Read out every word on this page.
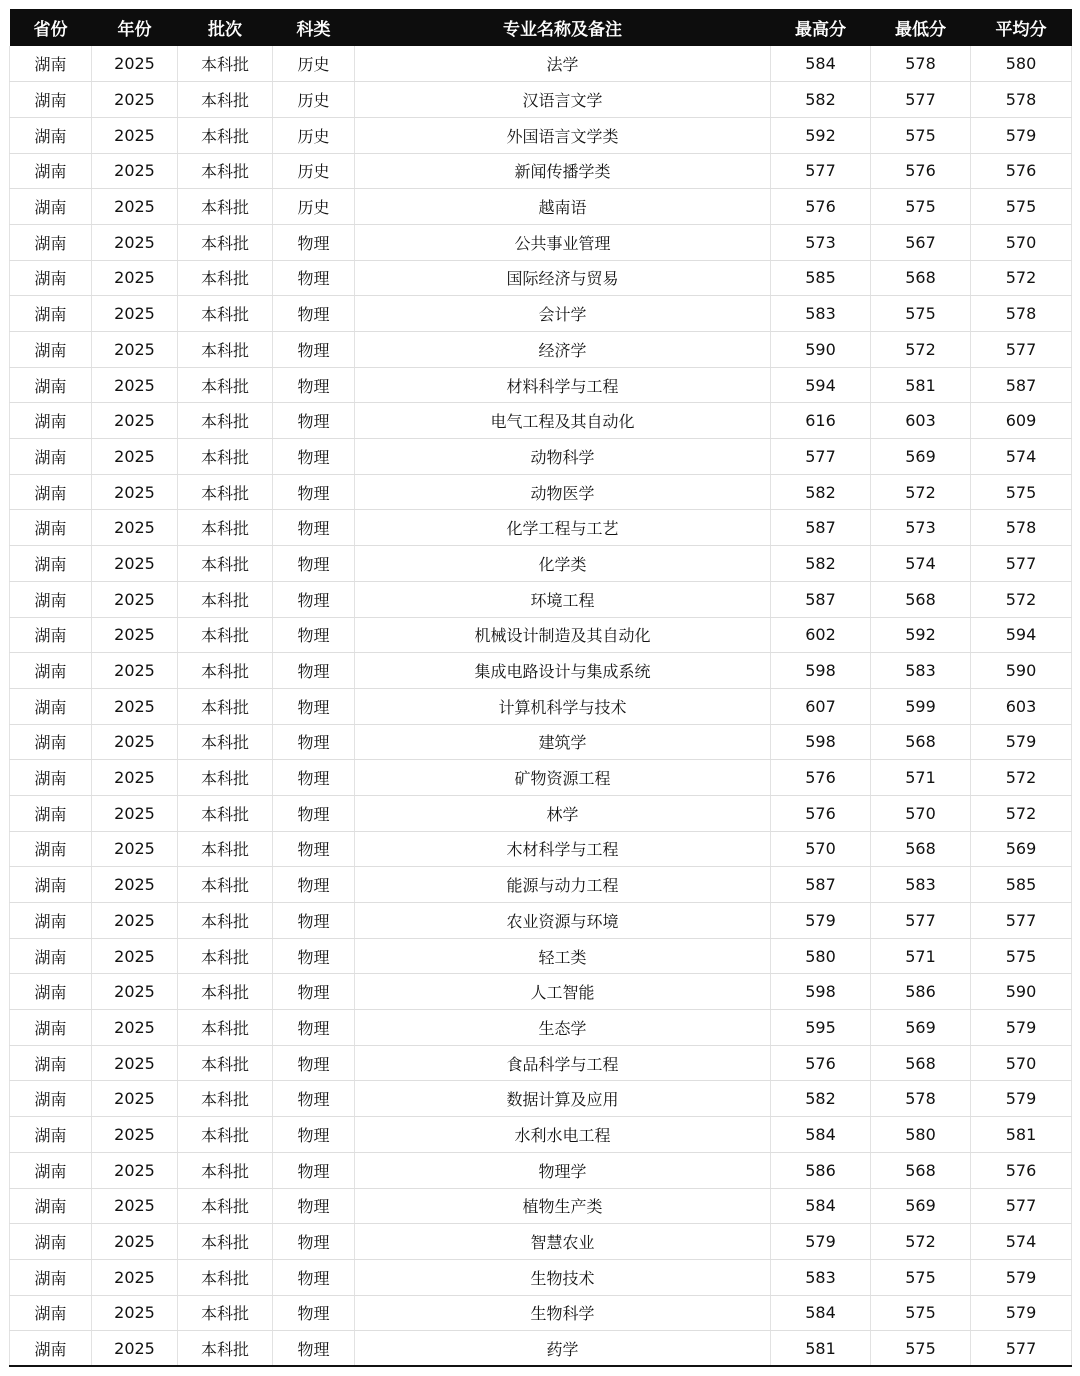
省份	年份	批次	科类	专业名称及备注	最高分	最低分	平均分
湖南	2025	本科批	历史	法学	584	578	580
湖南	2025	本科批	历史	汉语言文学	582	577	578
湖南	2025	本科批	历史	外国语言文学类	592	575	579
湖南	2025	本科批	历史	新闻传播学类	577	576	576
湖南	2025	本科批	历史	越南语	576	575	575
湖南	2025	本科批	物理	公共事业管理	573	567	570
湖南	2025	本科批	物理	国际经济与贸易	585	568	572
湖南	2025	本科批	物理	会计学	583	575	578
湖南	2025	本科批	物理	经济学	590	572	577
湖南	2025	本科批	物理	材料科学与工程	594	581	587
湖南	2025	本科批	物理	电气工程及其自动化	616	603	609
湖南	2025	本科批	物理	动物科学	577	569	574
湖南	2025	本科批	物理	动物医学	582	572	575
湖南	2025	本科批	物理	化学工程与工艺	587	573	578
湖南	2025	本科批	物理	化学类	582	574	577
湖南	2025	本科批	物理	环境工程	587	568	572
湖南	2025	本科批	物理	机械设计制造及其自动化	602	592	594
湖南	2025	本科批	物理	集成电路设计与集成系统	598	583	590
湖南	2025	本科批	物理	计算机科学与技术	607	599	603
湖南	2025	本科批	物理	建筑学	598	568	579
湖南	2025	本科批	物理	矿物资源工程	576	571	572
湖南	2025	本科批	物理	林学	576	570	572
湖南	2025	本科批	物理	木材科学与工程	570	568	569
湖南	2025	本科批	物理	能源与动力工程	587	583	585
湖南	2025	本科批	物理	农业资源与环境	579	577	577
湖南	2025	本科批	物理	轻工类	580	571	575
湖南	2025	本科批	物理	人工智能	598	586	590
湖南	2025	本科批	物理	生态学	595	569	579
湖南	2025	本科批	物理	食品科学与工程	576	568	570
湖南	2025	本科批	物理	数据计算及应用	582	578	579
湖南	2025	本科批	物理	水利水电工程	584	580	581
湖南	2025	本科批	物理	物理学	586	568	576
湖南	2025	本科批	物理	植物生产类	584	569	577
湖南	2025	本科批	物理	智慧农业	579	572	574
湖南	2025	本科批	物理	生物技术	583	575	579
湖南	2025	本科批	物理	生物科学	584	575	579
湖南	2025	本科批	物理	药学	581	575	577
